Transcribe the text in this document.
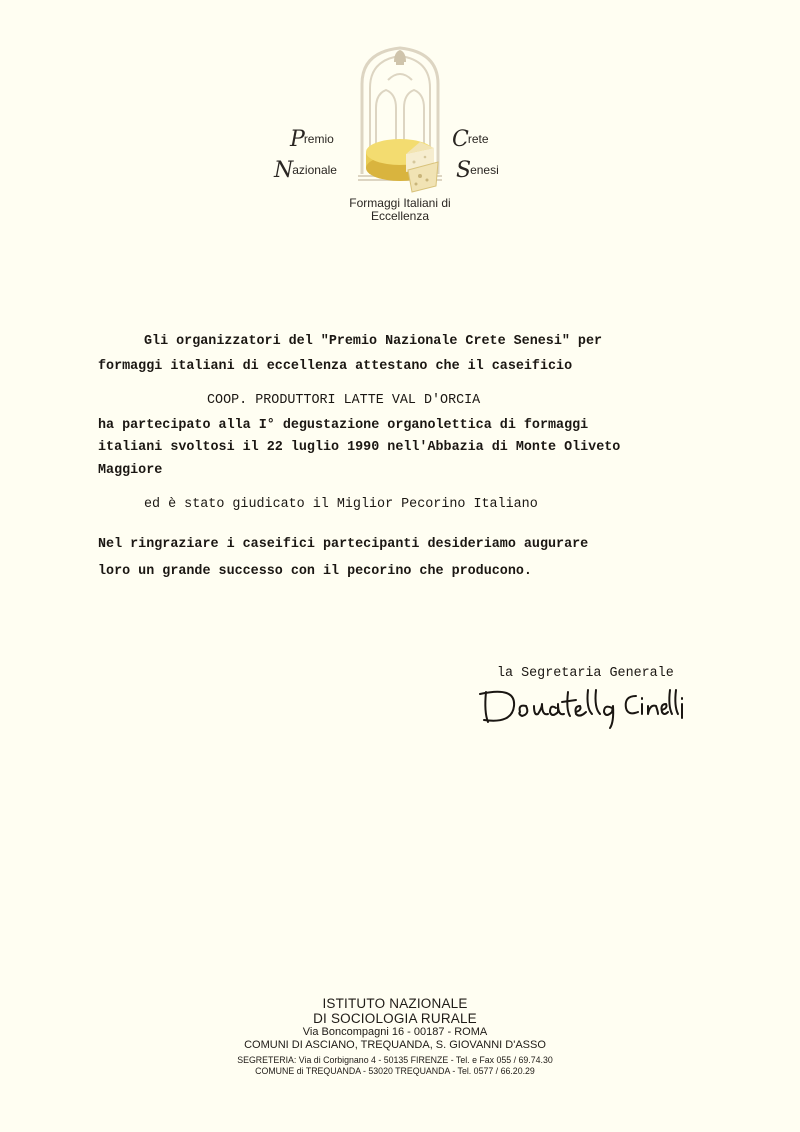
Premio
Nazionale
Crete
Senesi
Formaggi Italiani di
Eccellenza
Gli organizzatori del "Premio Nazionale Crete Senesi" per
formaggi italiani di eccellenza attestano che il caseificio
COOP. PRODUTTORI LATTE VAL D'ORCIA
ha partecipato alla I° degustazione organolettica di formaggi
italiani svoltosi il 22 luglio 1990 nell'Abbazia di Monte Oliveto
Maggiore
ed è stato giudicato il Miglior Pecorino Italiano
Nel ringraziare i caseifici partecipanti desideriamo augurare
loro un grande successo con il pecorino che producono.
la Segretaria Generale
ISTITUTO NAZIONALE
DI SOCIOLOGIA RURALE
Via Boncompagni 16 - 00187 - ROMA
COMUNI DI ASCIANO, TREQUANDA, S. GIOVANNI D'ASSO
SEGRETERIA: Via di Corbignano 4 - 50135 FIRENZE - Tel. e Fax 055 / 69.74.30
COMUNE di TREQUANDA - 53020 TREQUANDA - Tel. 0577 / 66.20.29
